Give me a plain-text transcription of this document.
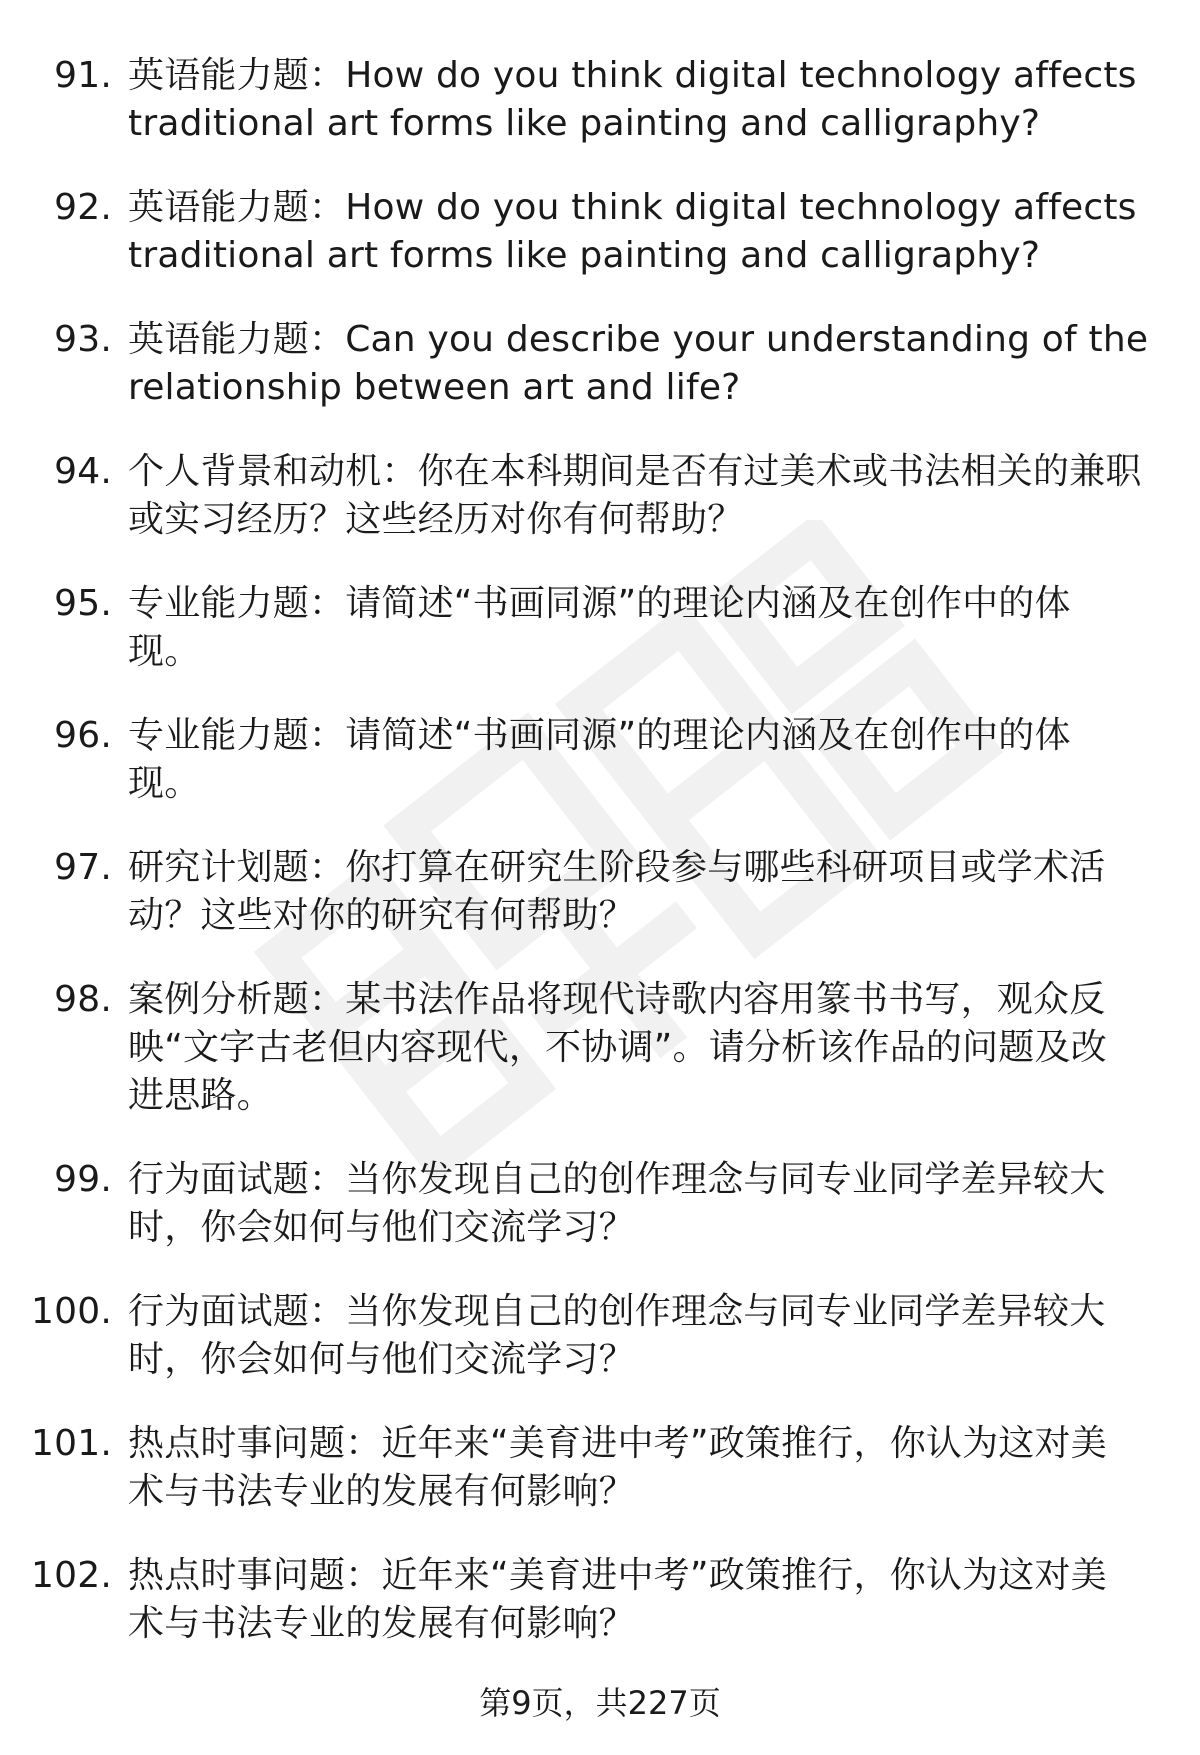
91. 英语能力题：How do you think digital technology affects
traditional art forms like painting and calligraphy?
92. 英语能力题：How do you think digital technology affects
traditional art forms like painting and calligraphy?
93. 英语能力题：Can you describe your understanding of the
relationship between art and life?
94. 个人背景和动机：你在本科期间是否有过美术或书法相关的兼职
或实习经历？这些经历对你有何帮助？
95. 专业能力题：请简述“书画同源”的理论内涵及在创作中的体
现。
96. 专业能力题：请简述“书画同源”的理论内涵及在创作中的体
现。
97. 研究计划题：你打算在研究生阶段参与哪些科研项目或学术活
动？这些对你的研究有何帮助？
98. 案例分析题：某书法作品将现代诗歌内容用篆书书写，观众反
映“文字古老但内容现代，不协调”。请分析该作品的问题及改
进思路。
99. 行为面试题：当你发现自己的创作理念与同专业同学差异较大
时，你会如何与他们交流学习？
100. 行为面试题：当你发现自己的创作理念与同专业同学差异较大
时，你会如何与他们交流学习？
101. 热点时事问题：近年来“美育进中考”政策推行，你认为这对美
术与书法专业的发展有何影响？
102. 热点时事问题：近年来“美育进中考”政策推行，你认为这对美
术与书法专业的发展有何影响？
第9页，共227页
